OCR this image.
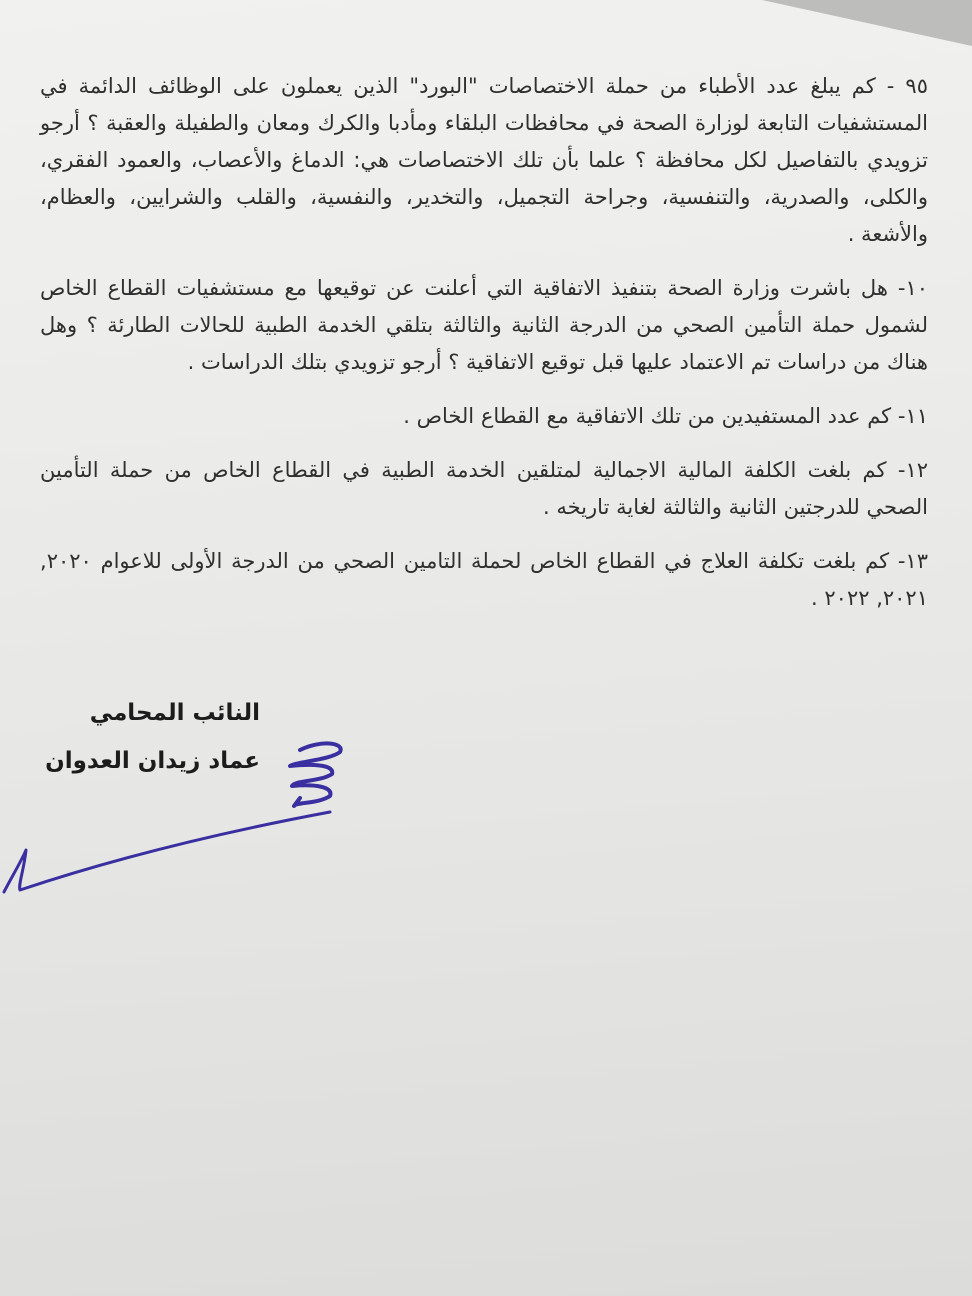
٩٥ - كم يبلغ عدد الأطباء من حملة الاختصاصات "البورد" الذين يعملون على الوظائف الدائمة في المستشفيات التابعة لوزارة الصحة في محافظات البلقاء ومأدبا والكرك ومعان والطفيلة والعقبة ؟ أرجو تزويدي بالتفاصيل لكل محافظة ؟ علما بأن تلك الاختصاصات هي: الدماغ والأعصاب، والعمود الفقري، والكلى، والصدرية، والتنفسية، وجراحة التجميل، والتخدير، والنفسية، والقلب والشرايين، والعظام، والأشعة .

١٠- هل باشرت وزارة الصحة بتنفيذ الاتفاقية التي أعلنت عن توقيعها مع مستشفيات القطاع الخاص لشمول حملة التأمين الصحي من الدرجة الثانية والثالثة بتلقي الخدمة الطبية للحالات الطارئة ؟ وهل هناك من دراسات تم الاعتماد عليها قبل توقيع الاتفاقية ؟ أرجو تزويدي بتلك الدراسات .

١١- كم عدد المستفيدين من تلك الاتفاقية مع القطاع الخاص .

١٢- كم بلغت الكلفة المالية الاجمالية لمتلقين الخدمة الطبية في القطاع الخاص من حملة التأمين الصحي للدرجتين الثانية والثالثة لغاية تاريخه .

١٣- كم بلغت تكلفة العلاج في القطاع الخاص لحملة التامين الصحي من الدرجة الأولى للاعوام ٢٠٢٠, ٢٠٢١, ٢٠٢٢ .

النائب المحامي

عماد زيدان العدوان
